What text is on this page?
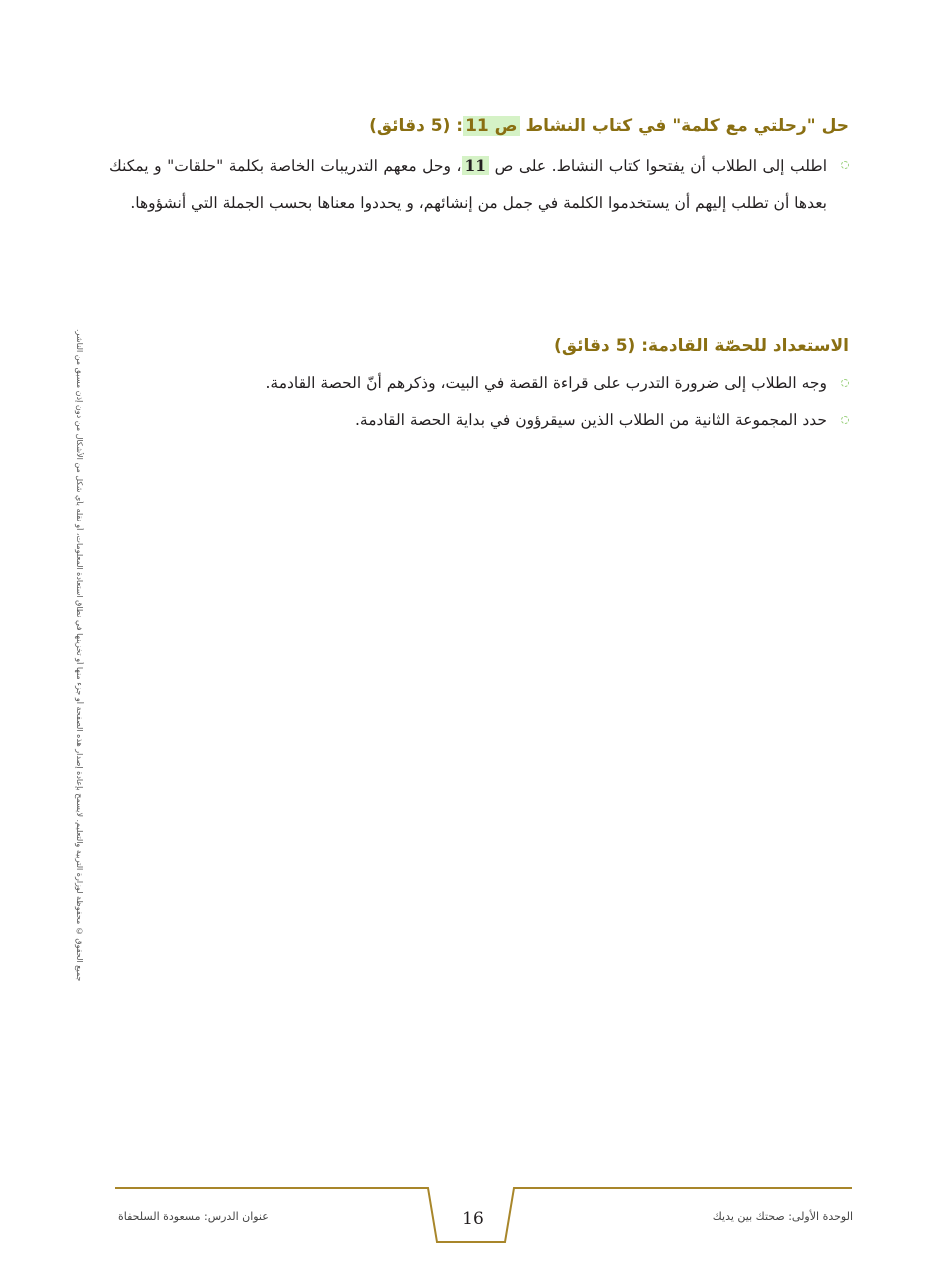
حل "رحلتي مع كلمة" في كتاب النشاط ص 11: (5 دقائق)
اطلب إلى الطلاب أن يفتحوا كتاب النشاط. على ص 11، وحل معهم التدريبات الخاصة بكلمة "حلقات" و يمكنك بعدها أن تطلب إليهم أن يستخدموا الكلمة في جمل من إنشائهم، و يحددوا معناها بحسب الجملة التي أنشؤوها.
الاستعداد للحصّة القادمة: (5 دقائق)
وجه الطلاب إلى ضرورة التدرب على قراءة القصة في البيت، وذكرهم أنّ الحصة القادمة.
حدد المجموعة الثانية من الطلاب الذين سيقرؤون في بداية الحصة القادمة.
جميع الحقوق © محفوظة لوزارة التربية والتعليم. لايسمح بإعادة إصدار هذه الصفحة أو جزء منها أو تخزينها في نطاق استعادة المعلومات، أو نقله بأي شكل من الأشكال من دون إذن مسبق من الناشر.
16	الوحدة الأولى: صحتك بين يديك
عنوان الدرس: مسعودة السلحفاة
